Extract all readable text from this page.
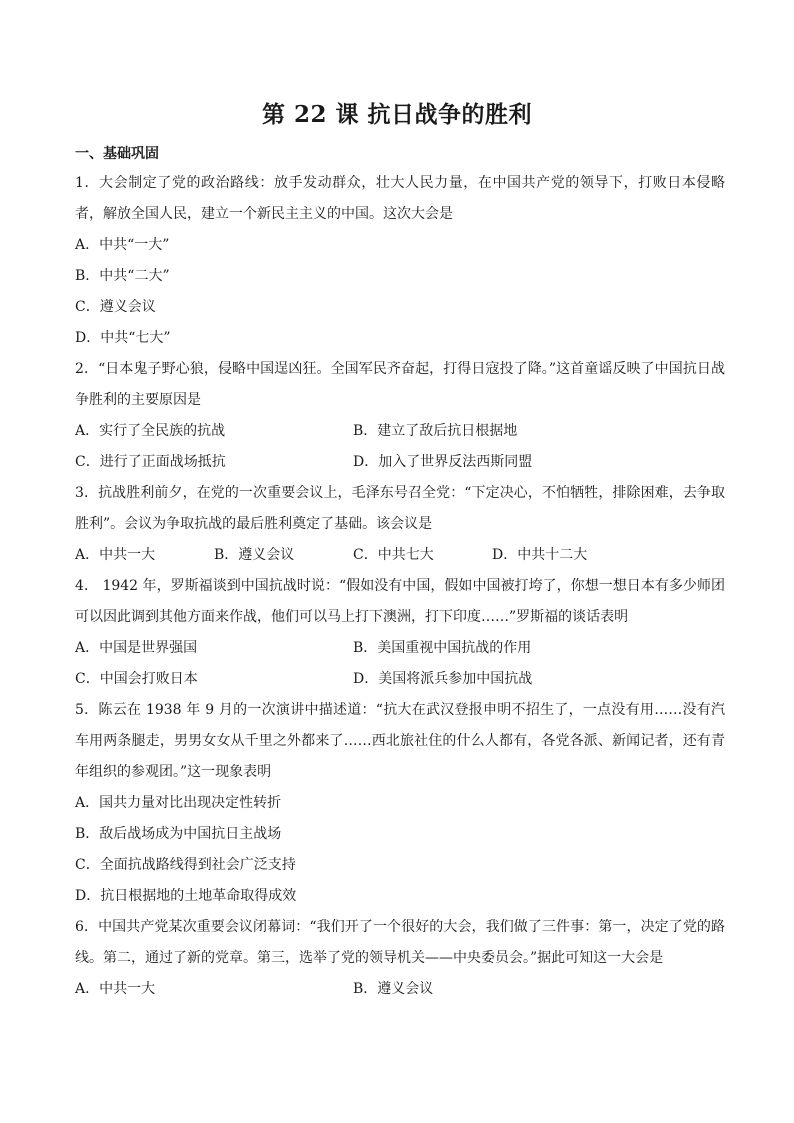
第 22 课 抗日战争的胜利
一、基础巩固

1．大会制定了党的政治路线：放手发动群众，壮大人民力量，在中国共产党的领导下，打败日本侵略者，解放全国人民，建立一个新民主主义的中国。这次大会是

A．中共“一大”
B．中共“二大”
C．遵义会议
D．中共“七大”

2．“日本鬼子野心狼，侵略中国逞凶狂。全国军民齐奋起，打得日寇投了降。”这首童谣反映了中国抗日战争胜利的主要原因是

A．实行了全民族的抗战	B．建立了敌后抗日根据地
C．进行了正面战场抵抗	D．加入了世界反法西斯同盟

3．抗战胜利前夕，在党的一次重要会议上，毛泽东号召全党：“下定决心，不怕牺牲，排除困难，去争取胜利”。会议为争取抗战的最后胜利奠定了基础。该会议是

A．中共一大	B．遵义会议	C．中共七大	D．中共十二大

4． 1942 年，罗斯福谈到中国抗战时说：“假如没有中国，假如中国被打垮了，你想一想日本有多少师团可以因此调到其他方面来作战，他们可以马上打下澳洲，打下印度……”罗斯福的谈话表明

A．中国是世界强国	B．美国重视中国抗战的作用
C．中国会打败日本	D．美国将派兵参加中国抗战

5．陈云在 1938 年 9 月的一次演讲中描述道：“抗大在武汉登报申明不招生了，一点没有用……没有汽车用两条腿走，男男女女从千里之外都来了……西北旅社住的什么人都有，各党各派、新闻记者，还有青年组织的参观团。”这一现象表明

A．国共力量对比出现决定性转折
B．敌后战场成为中国抗日主战场
C．全面抗战路线得到社会广泛支持
D．抗日根据地的土地革命取得成效

6．中国共产党某次重要会议闭幕词：“我们开了一个很好的大会，我们做了三件事：第一，决定了党的路线。第二，通过了新的党章。第三，选举了党的领导机关——中央委员会。”据此可知这一大会是

A．中共一大	B．遵义会议
